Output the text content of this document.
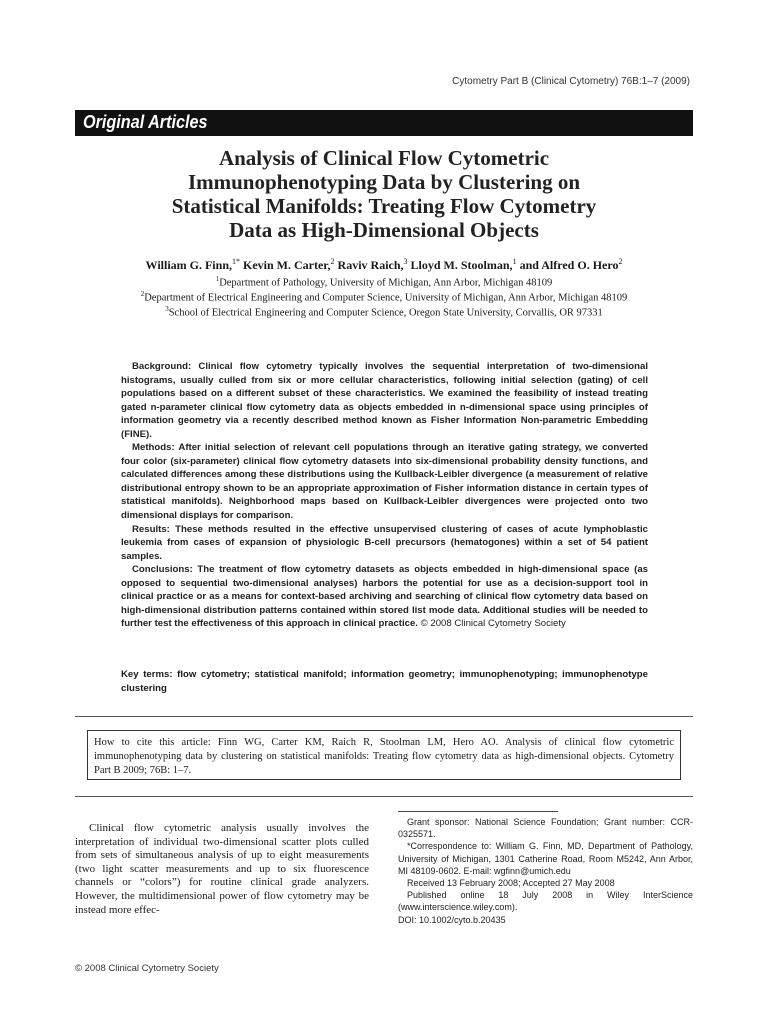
Cytometry Part B (Clinical Cytometry) 76B:1–7 (2009)
Original Articles
Analysis of Clinical Flow Cytometric
Immunophenotyping Data by Clustering on
Statistical Manifolds: Treating Flow Cytometry
Data as High-Dimensional Objects
William G. Finn,$^{1*}$ Kevin M. Carter,$^2$ Raviv Raich,$^3$ Lloyd M. Stoolman,$^1$ and Alfred O. Hero$^2$
$^1$Department of Pathology, University of Michigan, Ann Arbor, Michigan 48109
$^2$Department of Electrical Engineering and Computer Science, University of Michigan, Ann Arbor, Michigan 48109
$^3$School of Electrical Engineering and Computer Science, Oregon State University, Corvallis, OR 97331

Background: Clinical flow cytometry typically involves the sequential interpretation of two-dimensional histograms, usually culled from six or more cellular characteristics, following initial selection (gating) of cell populations based on a different subset of these characteristics. We examined the feasibility of instead treating gated n-parameter clinical flow cytometry data as objects embedded in n-dimensional space using principles of information geometry via a recently described method known as Fisher Information Non-parametric Embedding (FINE).

Methods: After initial selection of relevant cell populations through an iterative gating strategy, we converted four color (six-parameter) clinical flow cytometry datasets into six-dimensional probability density functions, and calculated differences among these distributions using the Kullback-Leibler divergence (a measurement of relative distributional entropy shown to be an appropriate approximation of Fisher information distance in certain types of statistical manifolds). Neighborhood maps based on Kullback-Leibler divergences were projected onto two dimensional displays for comparison.

Results: These methods resulted in the effective unsupervised clustering of cases of acute lymphoblastic leukemia from cases of expansion of physiologic B-cell precursors (hematogones) within a set of 54 patient samples.

Conclusions: The treatment of flow cytometry datasets as objects embedded in high-dimensional space (as opposed to sequential two-dimensional analyses) harbors the potential for use as a decision-support tool in clinical practice or as a means for context-based archiving and searching of clinical flow cytometry data based on high-dimensional distribution patterns contained within stored list mode data. Additional studies will be needed to further test the effectiveness of this approach in clinical practice. © 2008 Clinical Cytometry Society

Key terms: flow cytometry; statistical manifold; information geometry; immunophenotyping; immunophenotype clustering
How to cite this article: Finn WG, Carter KM, Raich R, Stoolman LM, Hero AO. Analysis of clinical flow cytometric immunophenotyping data by clustering on statistical manifolds: Treating flow cytometry data as high-dimensional objects. Cytometry Part B 2009; 76B: 1–7.

Clinical flow cytometric analysis usually involves the interpretation of individual two-dimensional scatter plots culled from sets of simultaneous analysis of up to eight measurements (two light scatter measurements and up to six fluorescence channels or “colors”) for routine clinical grade analyzers. However, the multidimensional power of flow cytometry may be instead more effec-

Grant sponsor: National Science Foundation; Grant number: CCR-0325571.

*Correspondence to: William G. Finn, MD, Department of Pathology, University of Michigan, 1301 Catherine Road, Room M5242, Ann Arbor, MI 48109-0602. E-mail: wgfinn@umich.edu

Received 13 February 2008; Accepted 27 May 2008

Published online 18 July 2008 in Wiley InterScience (www.interscience.wiley.com).

DOI: 10.1002/cyto.b.20435

© 2008 Clinical Cytometry Society
